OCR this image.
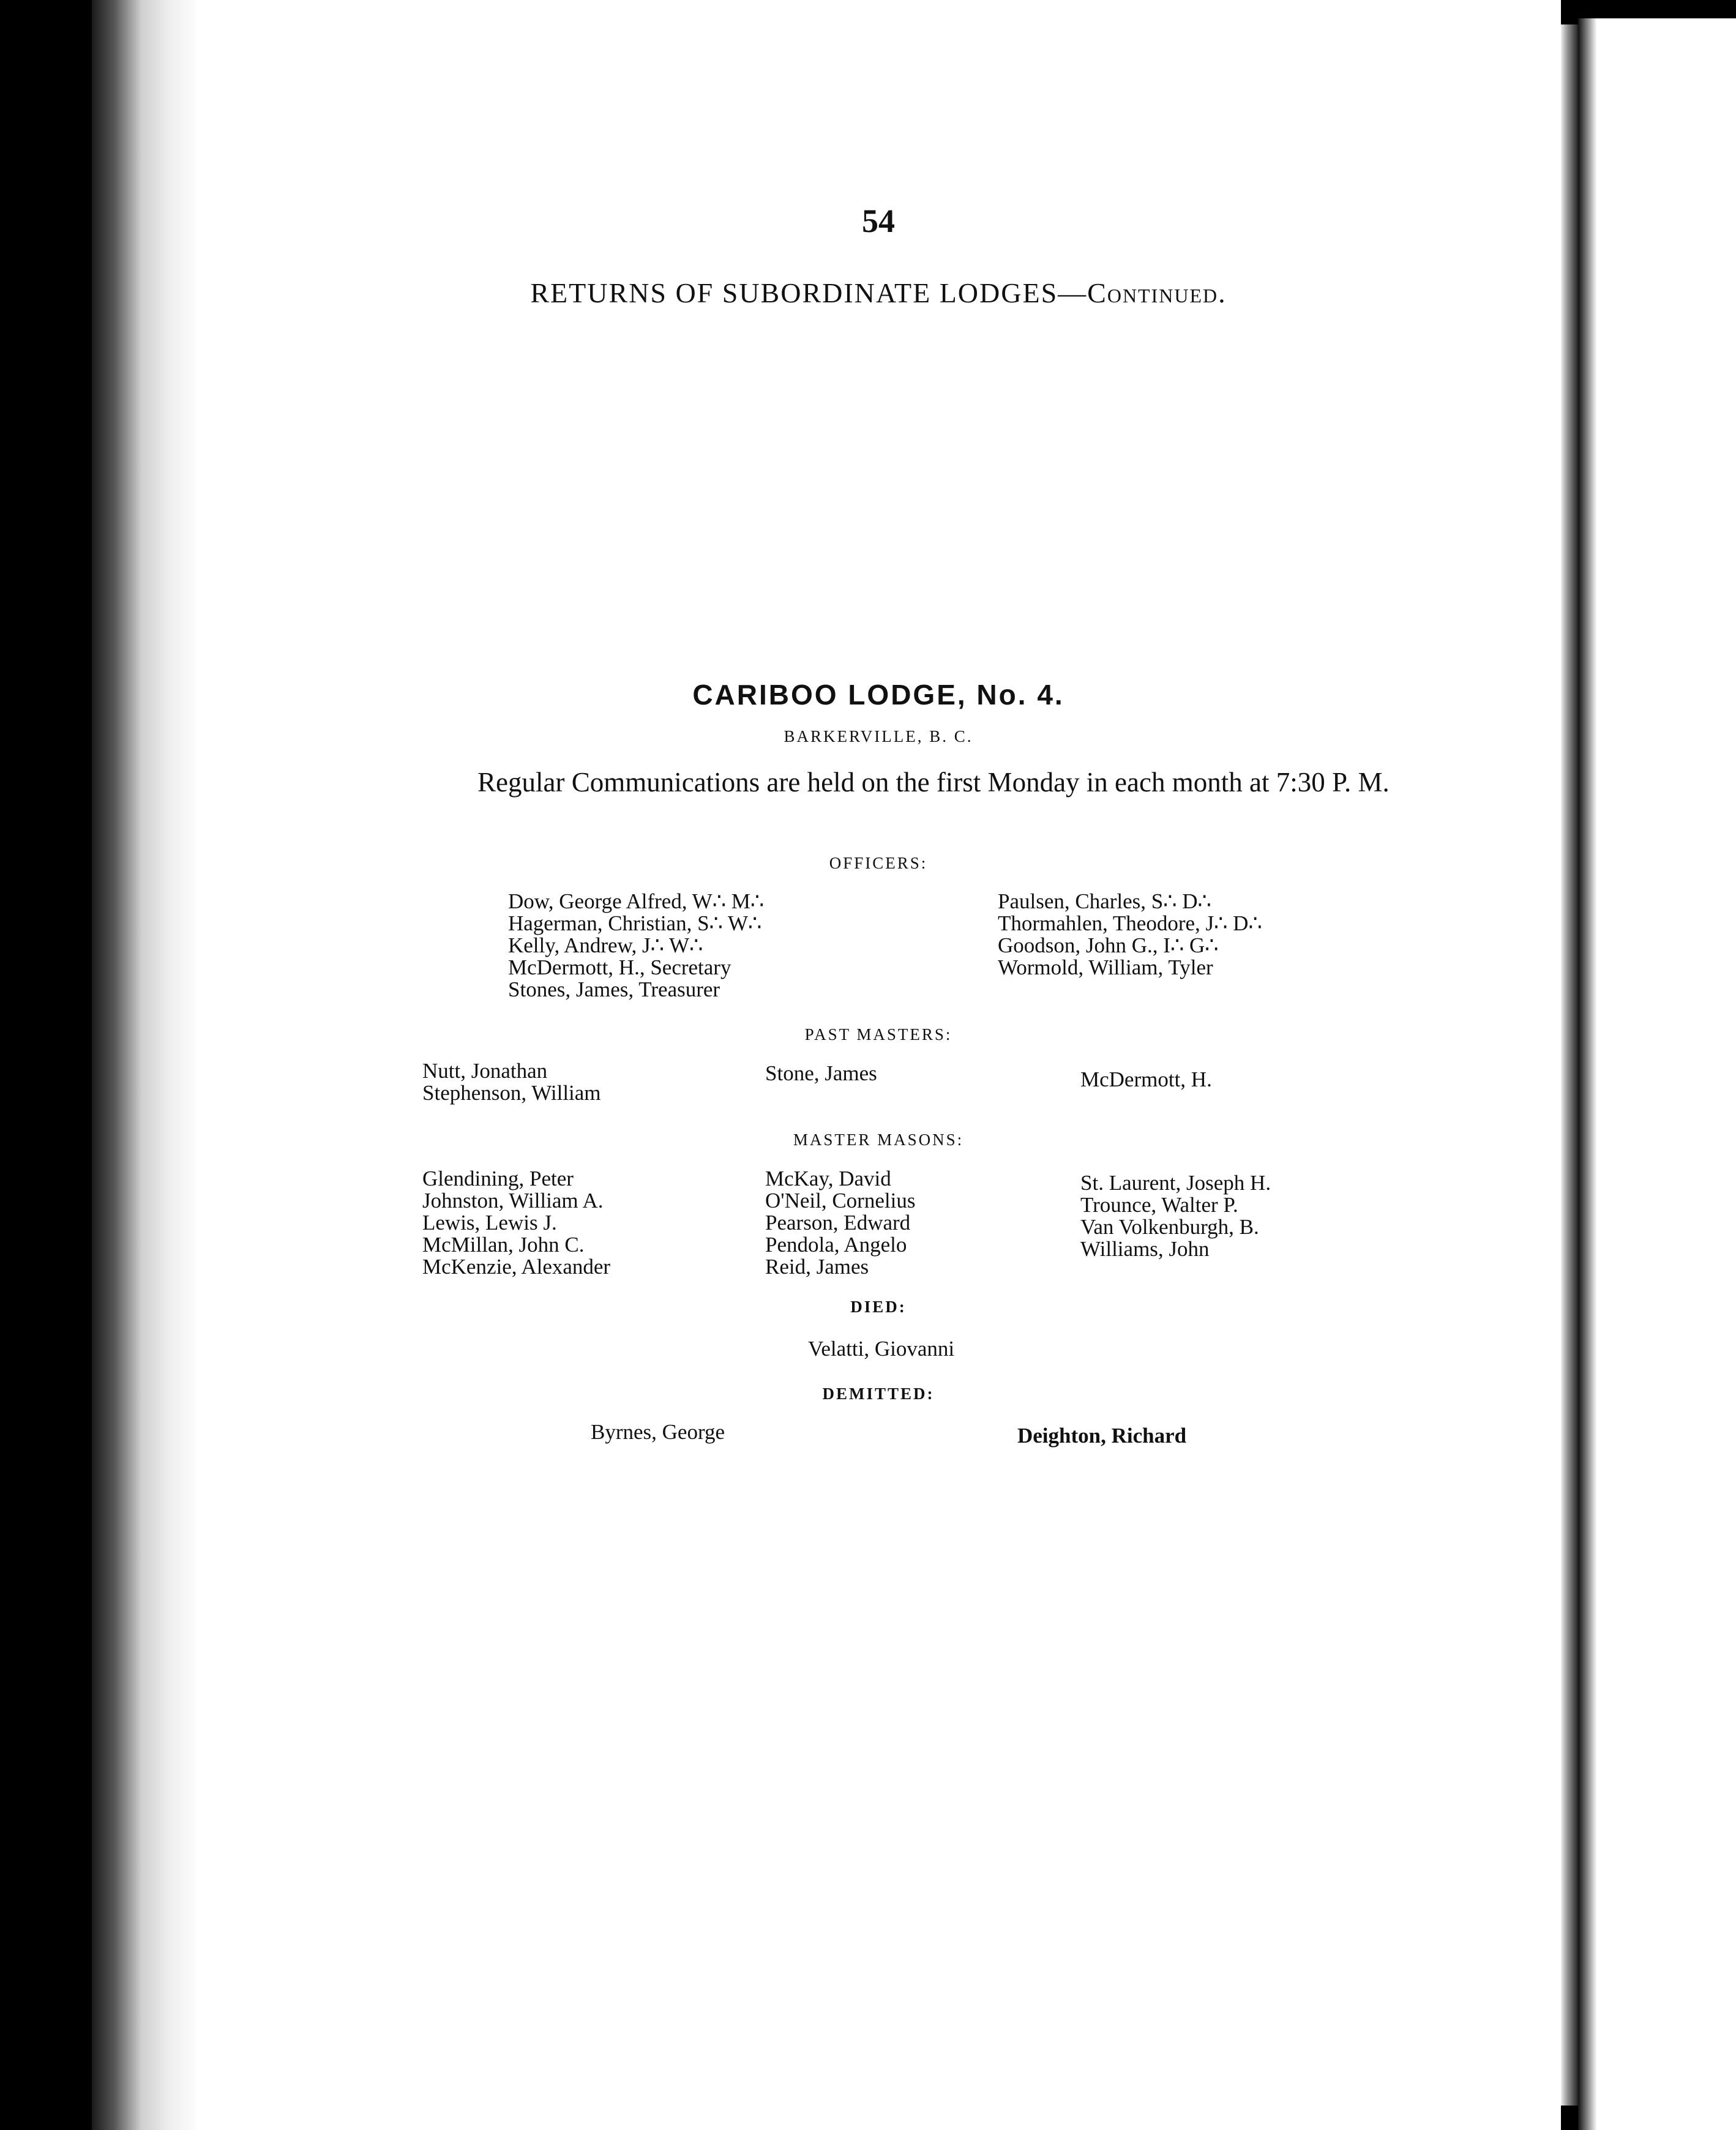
54
RETURNS OF SUBORDINATE LODGES—Continued.
CARIBOO LODGE, No. 4.
BARKERVILLE, B. C.
Regular Communications are held on the first Monday in each month at 7:30 P. M.
OFFICERS:
Dow, George Alfred, W∴ M∴
Hagerman, Christian, S∴ W∴
Kelly, Andrew, J∴ W∴
McDermott, H., Secretary
Stones, James, Treasurer
Paulsen, Charles, S∴ D∴
Thormahlen, Theodore, J∴ D∴
Goodson, John G., I∴ G∴
Wormold, William, Tyler
PAST MASTERS:
Nutt, Jonathan
Stephenson, William
Stone, James	McDermott, H.
MASTER MASONS:
Glendining, Peter
Johnston, William A.
Lewis, Lewis J.
McMillan, John C.
McKenzie, Alexander
McKay, David
O'Neil, Cornelius
Pearson, Edward
Pendola, Angelo
Reid, James
St. Laurent, Joseph H.
Trounce, Walter P.
Van Volkenburgh, B.
Williams, John
DIED:
Velatti, Giovanni
DEMITTED:
Byrnes, George	Deighton, Richard
